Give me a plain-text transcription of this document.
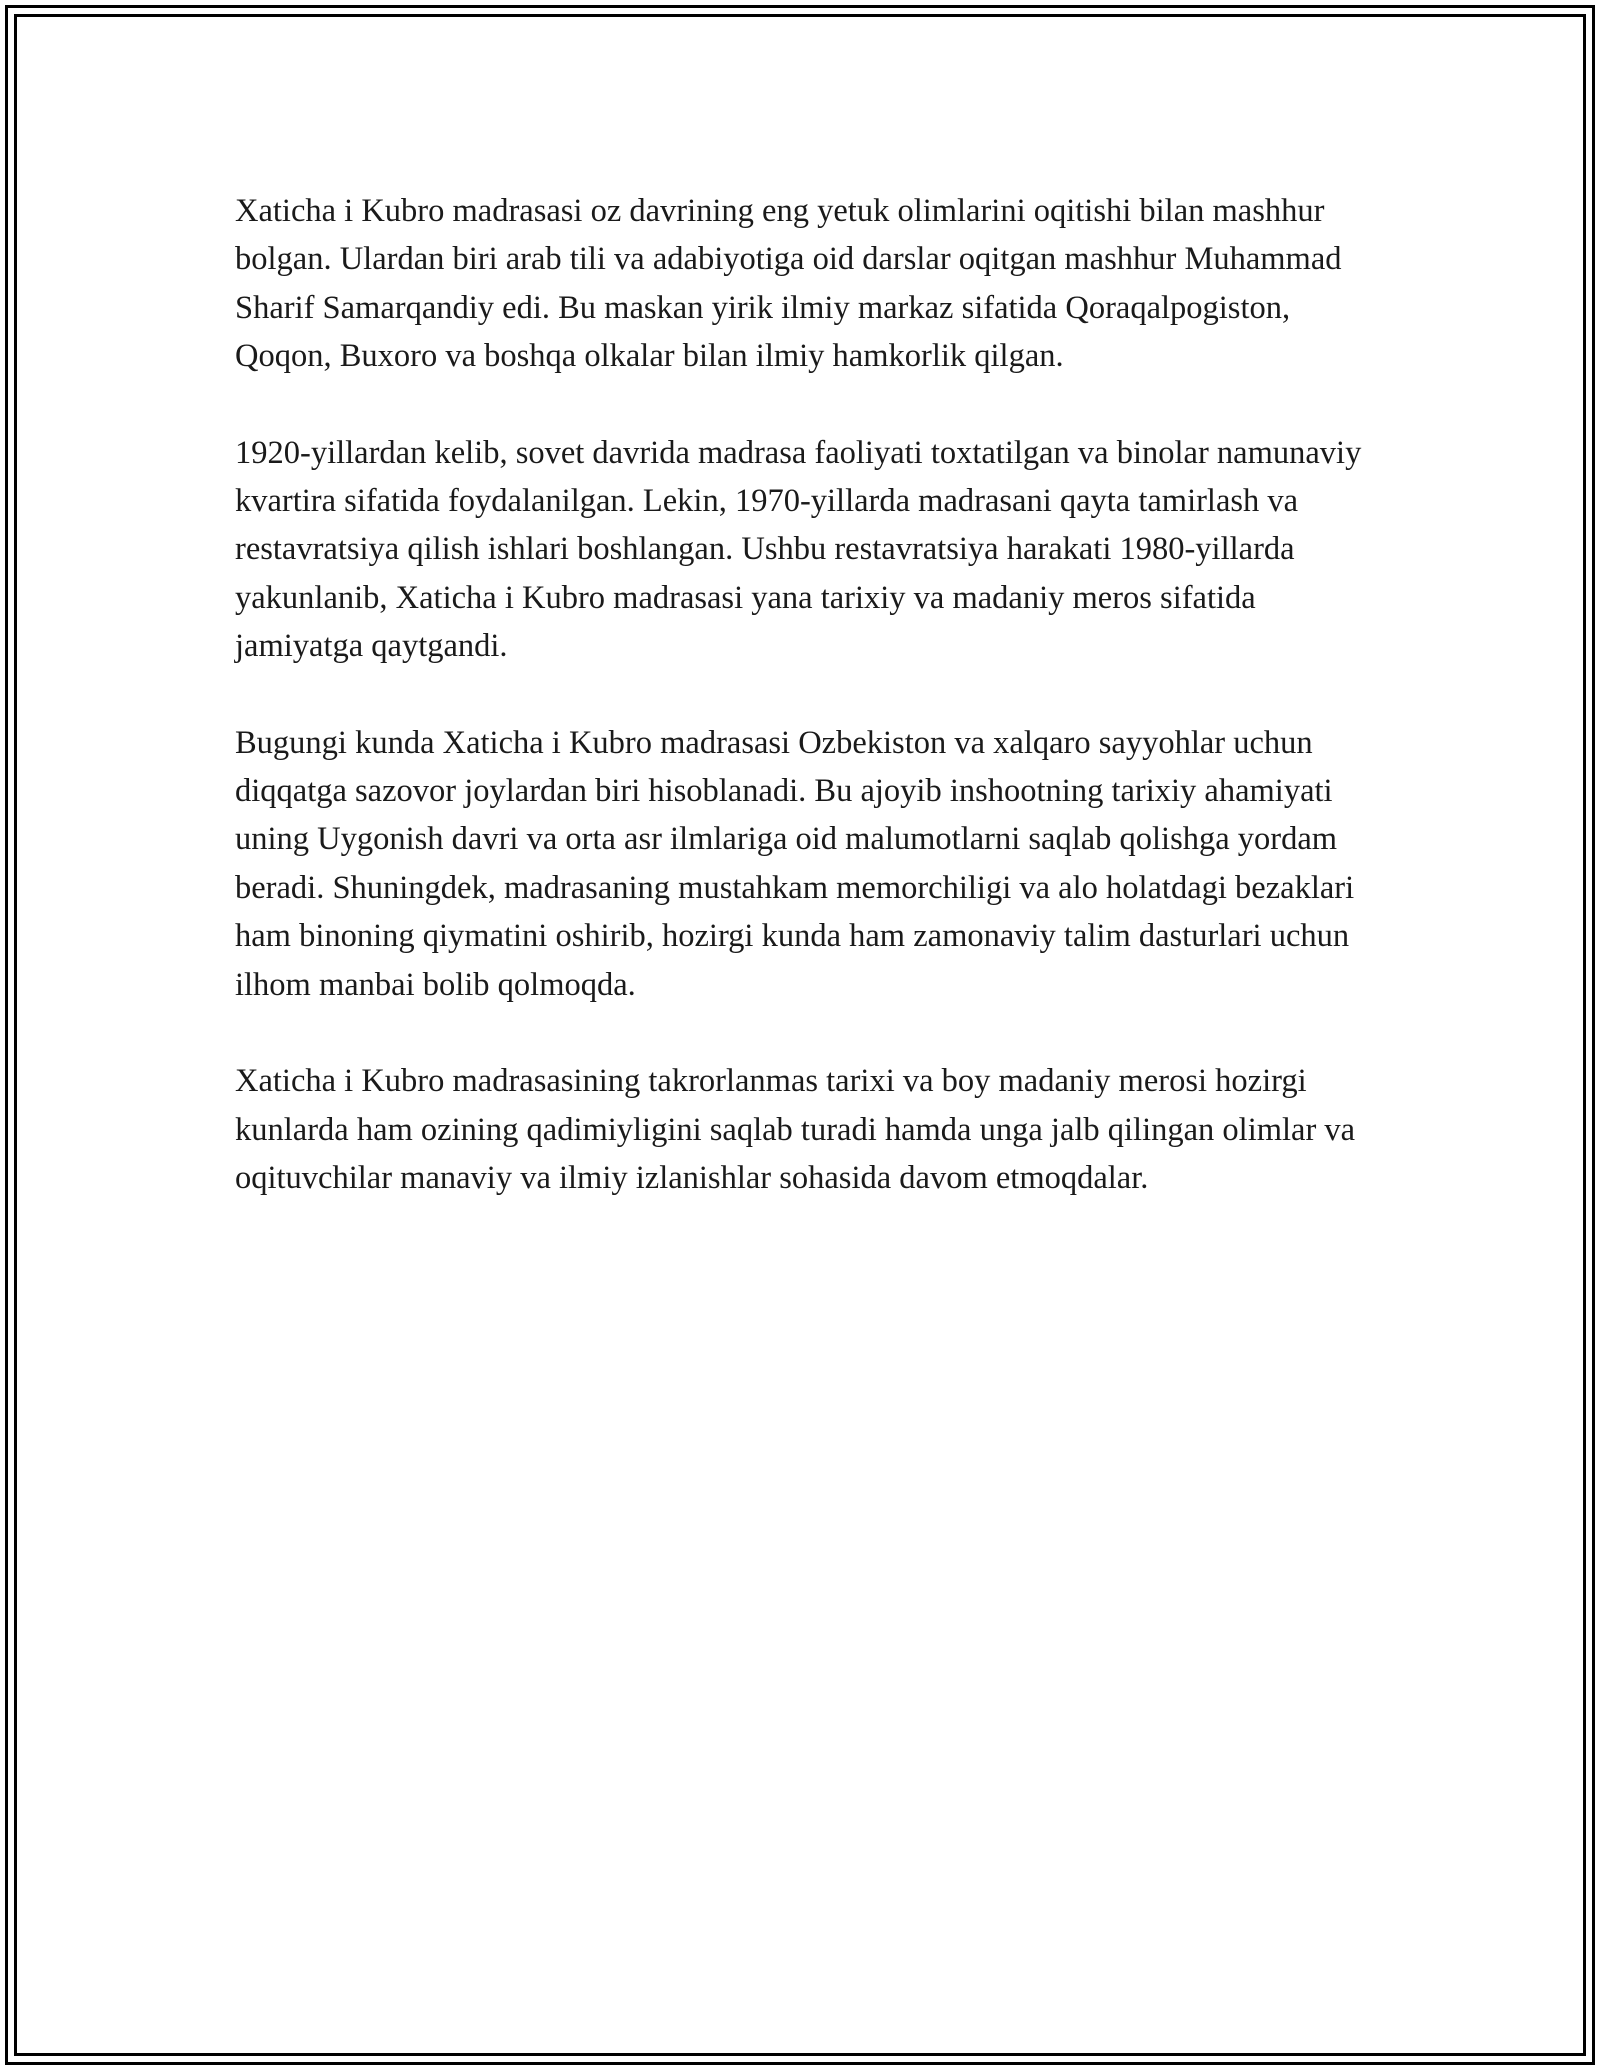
Xaticha i Kubro madrasasi oz davrining eng yetuk olimlarini oqitishi bilan mashhur bolgan. Ulardan biri arab tili va adabiyotiga oid darslar oqitgan mashhur Muhammad Sharif Samarqandiy edi. Bu maskan yirik ilmiy markaz sifatida Qoraqalpogiston, Qoqon, Buxoro va boshqa olkalar bilan ilmiy hamkorlik qilgan.

1920-yillardan kelib, sovet davrida madrasa faoliyati toxtatilgan va binolar namunaviy kvartira sifatida foydalanilgan. Lekin, 1970-yillarda madrasani qayta tamirlash va restavratsiya qilish ishlari boshlangan. Ushbu restavratsiya harakati 1980-yillarda yakunlanib, Xaticha i Kubro madrasasi yana tarixiy va madaniy meros sifatida jamiyatga qaytgandi.

Bugungi kunda Xaticha i Kubro madrasasi Ozbekiston va xalqaro sayyohlar uchun diqqatga sazovor joylardan biri hisoblanadi. Bu ajoyib inshootning tarixiy ahamiyati uning Uygonish davri va orta asr ilmlariga oid malumotlarni saqlab qolishga yordam beradi. Shuningdek, madrasaning mustahkam memorchiligi va alo holatdagi bezaklari ham binoning qiymatini oshirib, hozirgi kunda ham zamonaviy talim dasturlari uchun ilhom manbai bolib qolmoqda.

Xaticha i Kubro madrasasining takrorlanmas tarixi va boy madaniy merosi hozirgi kunlarda ham ozining qadimiyligini saqlab turadi hamda unga jalb qilingan olimlar va oqituvchilar manaviy va ilmiy izlanishlar sohasida davom etmoqdalar.
